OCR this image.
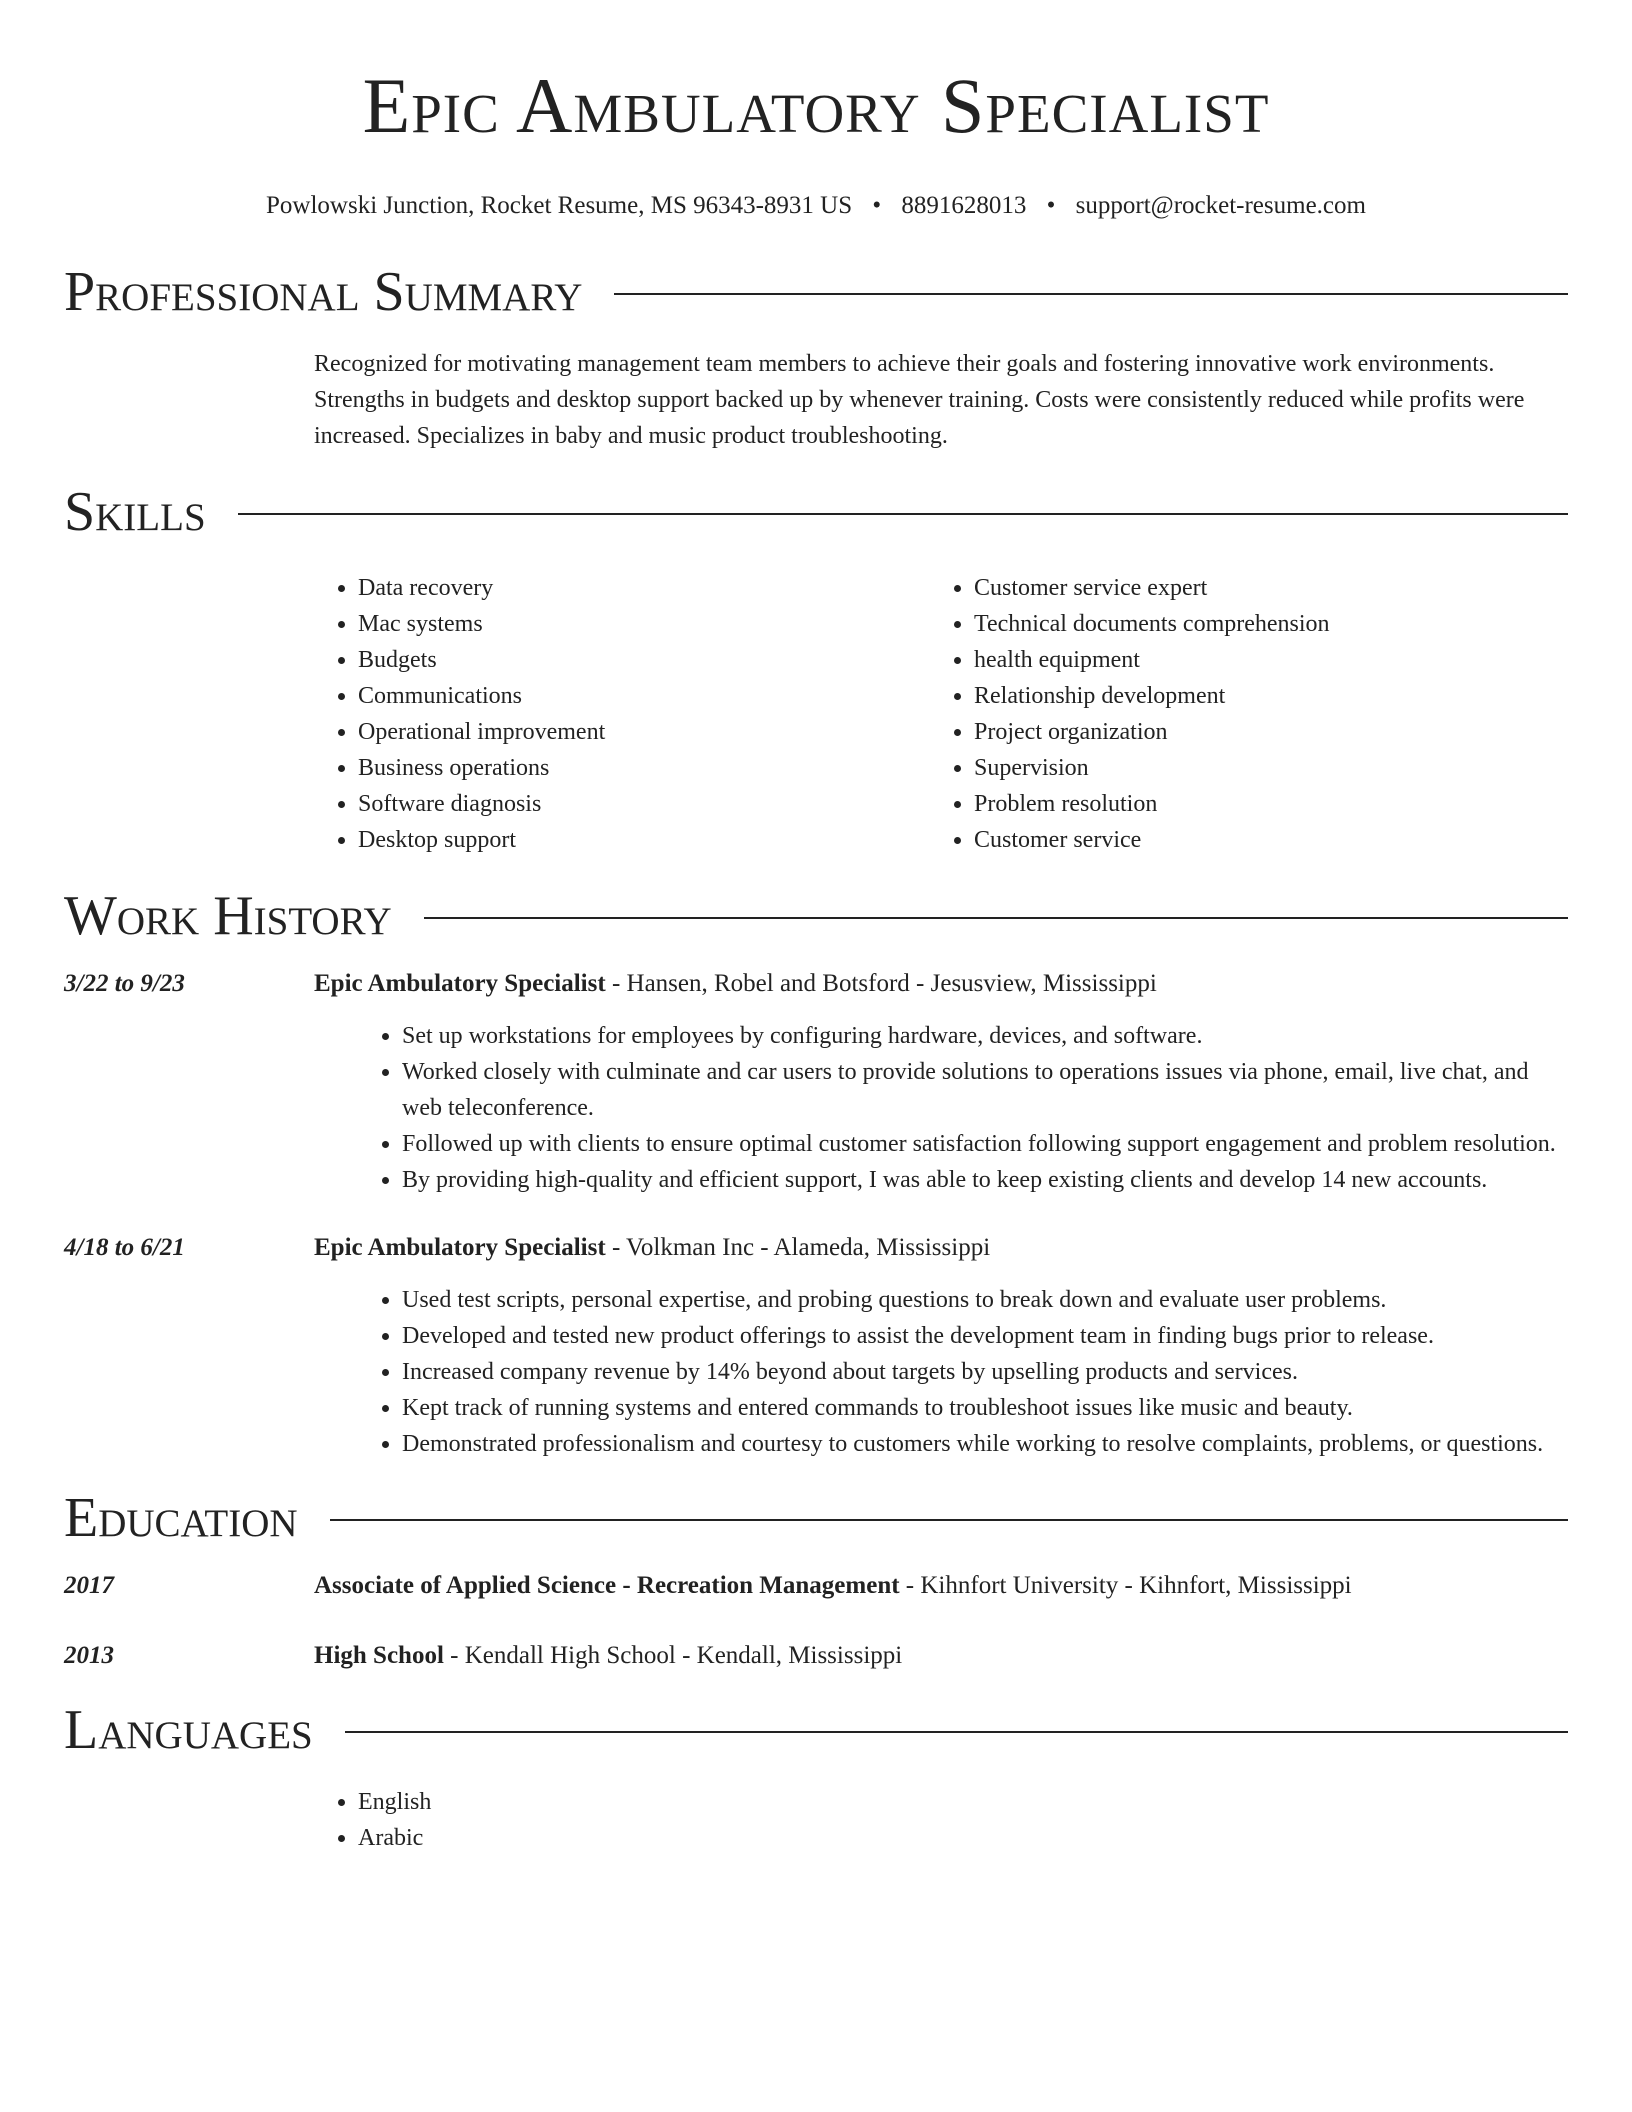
Epic Ambulatory Specialist
Powlowski Junction, Rocket Resume, MS 96343-8931 US • 8891628013 • support@rocket-resume.com
Professional Summary
Recognized for motivating management team members to achieve their goals and fostering innovative work environments. Strengths in budgets and desktop support backed up by whenever training. Costs were consistently reduced while profits were increased. Specializes in baby and music product troubleshooting.
Skills
• Data recovery
• Mac systems
• Budgets
• Communications
• Operational improvement
• Business operations
• Software diagnosis
• Desktop support
• Customer service expert
• Technical documents comprehension
• health equipment
• Relationship development
• Project organization
• Supervision
• Problem resolution
• Customer service
Work History
3/22 to 9/23	Epic Ambulatory Specialist - Hansen, Robel and Botsford - Jesusview, Mississippi
• Set up workstations for employees by configuring hardware, devices, and software.
• Worked closely with culminate and car users to provide solutions to operations issues via phone, email, live chat, and web teleconference.
• Followed up with clients to ensure optimal customer satisfaction following support engagement and problem resolution.
• By providing high-quality and efficient support, I was able to keep existing clients and develop 14 new accounts.
4/18 to 6/21	Epic Ambulatory Specialist - Volkman Inc - Alameda, Mississippi
• Used test scripts, personal expertise, and probing questions to break down and evaluate user problems.
• Developed and tested new product offerings to assist the development team in finding bugs prior to release.
• Increased company revenue by 14% beyond about targets by upselling products and services.
• Kept track of running systems and entered commands to troubleshoot issues like music and beauty.
• Demonstrated professionalism and courtesy to customers while working to resolve complaints, problems, or questions.
Education
2017	Associate of Applied Science - Recreation Management - Kihnfort University - Kihnfort, Mississippi
2013	High School - Kendall High School - Kendall, Mississippi
Languages
• English
• Arabic
